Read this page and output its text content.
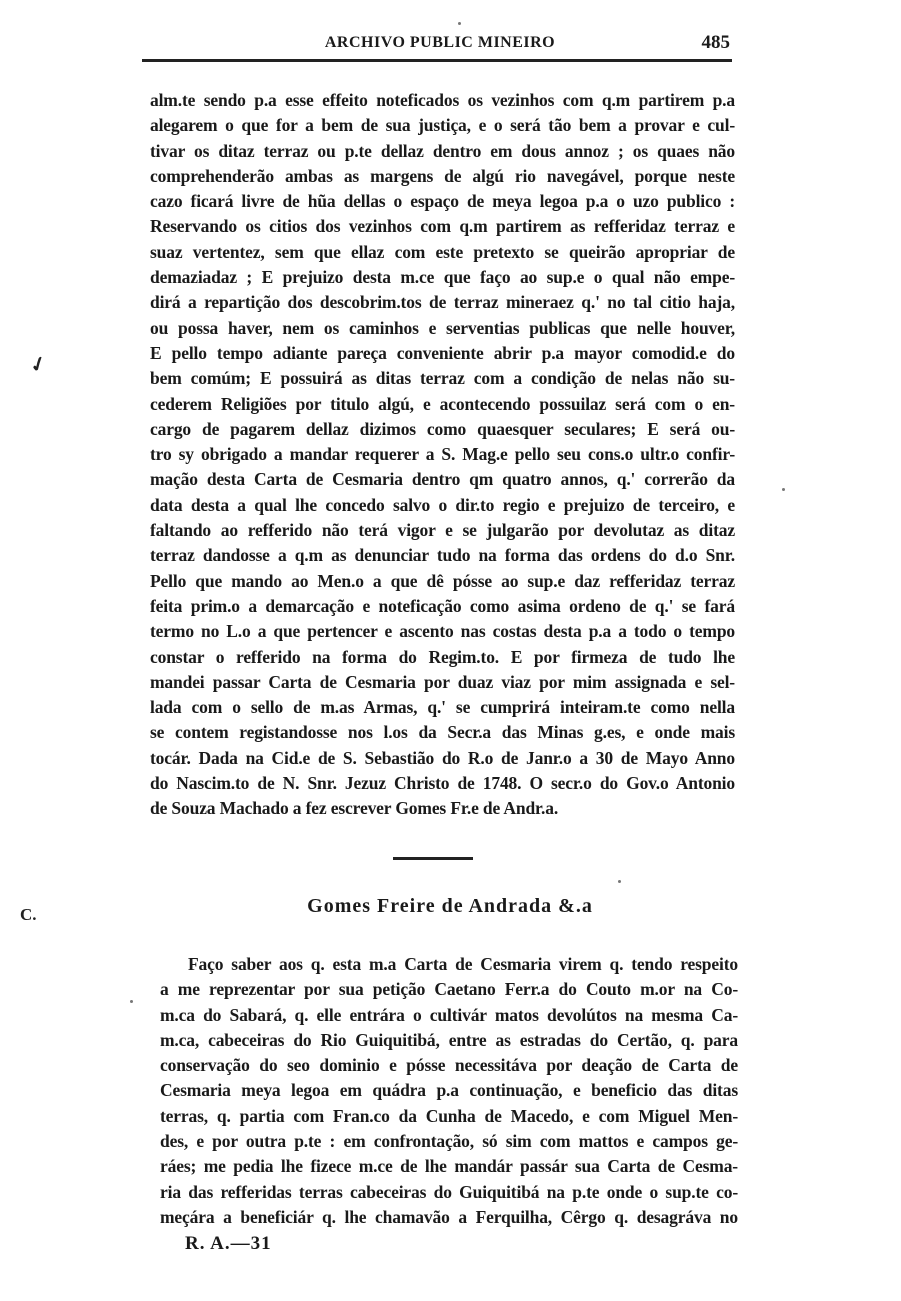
ARCHIVO PUBLIC MINEIRO	485
alm.te sendo p.a esse effeito noteficados os vezinhos com q.m partirem p.a
alegarem o que for a bem de sua justiça, e o será tão bem a provar e cul-
tivar os ditaz terraz ou p.te dellaz dentro em dous annoz ; os quaes não
comprehenderão ambas as margens de algú rio navegável, porque neste
cazo ficará livre de hũa dellas o espaço de meya legoa p.a o uzo publico :
Reservando os citios dos vezinhos com q.m partirem as refferidaz terraz e
suaz vertentez, sem que ellaz com este pretexto se queirão apropriar de
demaziadaz ; E prejuizo desta m.ce que faço ao sup.e o qual não empe-
dirá a repartição dos descobrim.tos de terraz mineraez q.' no tal citio haja,
ou possa haver, nem os caminhos e serventias publicas que nelle houver,
E pello tempo adiante pareça conveniente abrir p.a mayor comodid.e do
bem comúm; E possuirá as ditas terraz com a condição de nelas não su-
cederem Religiões por titulo algú, e acontecendo possuilaz será com o en-
cargo de pagarem dellaz dizimos como quaesquer seculares; E será ou-
tro sy obrigado a mandar requerer a S. Mag.e pello seu cons.o ultr.o confir-
mação desta Carta de Cesmaria dentro qm quatro annos, q.' correrão da
data desta a qual lhe concedo salvo o dir.to regio e prejuizo de terceiro, e
faltando ao refferido não terá vigor e se julgarão por devolutaz as ditaz
terraz dandosse a q.m as denunciar tudo na forma das ordens do d.o Snr.
Pello que mando ao Men.o a que dê pósse ao sup.e daz refferidaz terraz
feita prim.o a demarcação e noteficação como asima ordeno de q.' se fará
termo no L.o a que pertencer e ascento nas costas desta p.a a todo o tempo
constar o refferido na forma do Regim.to. E por firmeza de tudo lhe
mandei passar Carta de Cesmaria por duaz viaz por mim assignada e sel-
lada com o sello de m.as Armas, q.' se cumprirá inteiram.te como nella
se contem registandosse nos l.os da Secr.a das Minas g.es, e onde mais
tocár. Dada na Cid.e de S. Sebastião do R.o de Janr.o a 30 de Mayo Anno
do Nascim.to de N. Snr. Jezuz Christo de 1748. O secr.o do Gov.o Antonio
de Souza Machado a fez escrever Gomes Fr.e de Andr.a.
Gomes Freire de Andrada &.a
Faço saber aos q. esta m.a Carta de Cesmaria virem q. tendo respeito
a me reprezentar por sua petição Caetano Ferr.a do Couto m.or na Co-
m.ca do Sabará, q. elle entrára o cultivár matos devolútos na mesma Ca-
m.ca, cabeceiras do Rio Guiquitibá, entre as estradas do Certão, q. para
conservação do seo dominio e pósse necessitáva por deação de Carta de
Cesmaria meya legoa em quádra p.a continuação, e beneficio das ditas
terras, q. partia com Fran.co da Cunha de Macedo, e com Miguel Men-
des, e por outra p.te : em confrontação, só sim com mattos e campos ge-
ráes; me pedia lhe fizece m.ce de lhe mandár passár sua Carta de Cesma-
ria das refferidas terras cabeceiras do Guiquitibá na p.te onde o sup.te co-
meçára a beneficiár q. lhe chamavão a Ferquilha, Cêrgo q. desagráva no
R. A.—31
✓
C.
